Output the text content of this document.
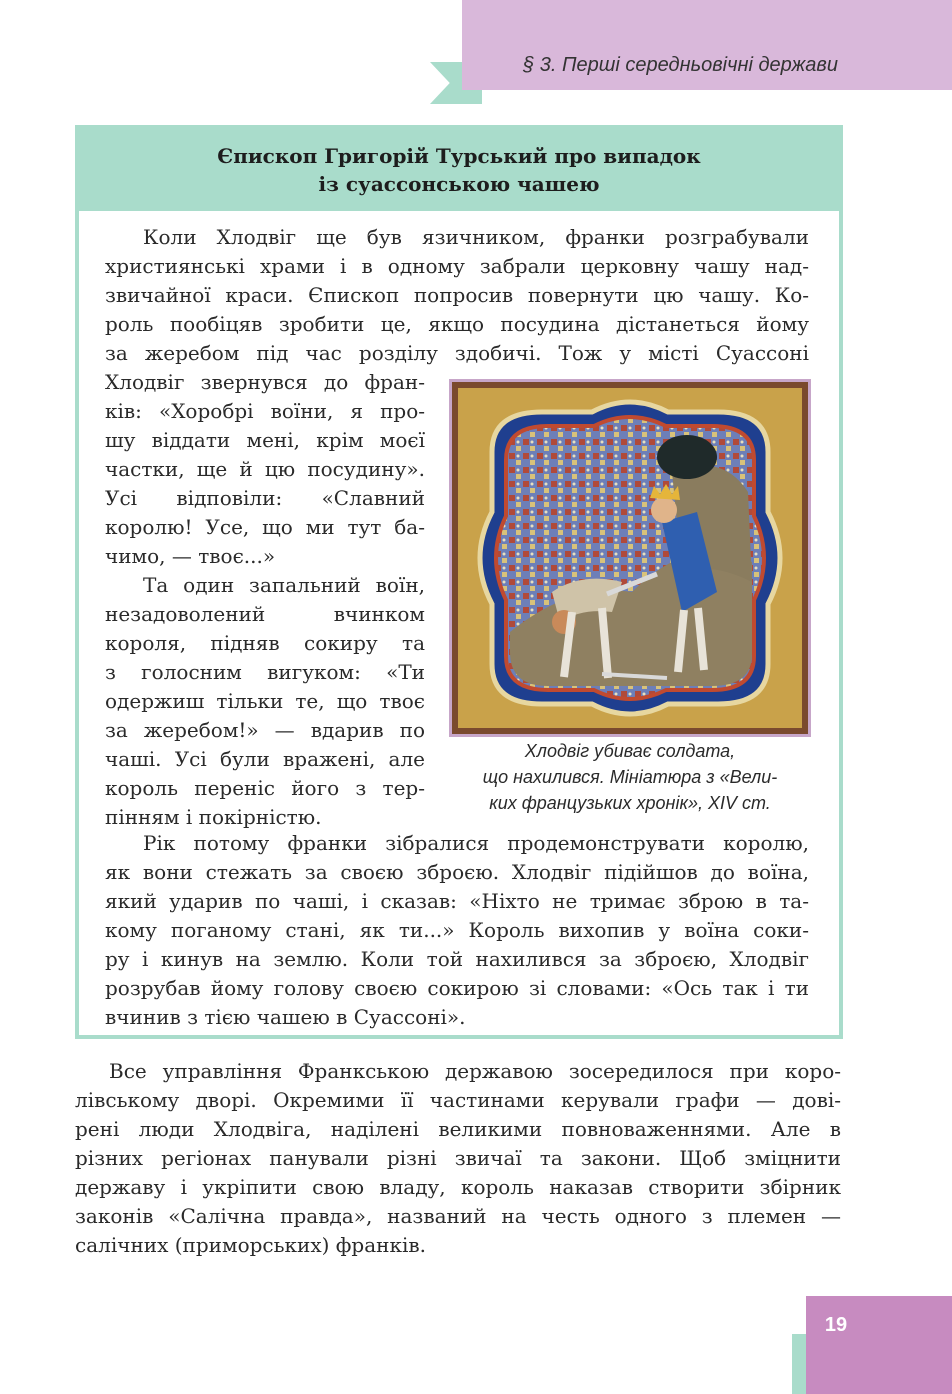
§ 3. Перші середньовічні держави
Єпископ Григорій Турський про випадок
із суассонською чашею
Коли Хлодвіг ще був язичником, франки розграбували
християнські храми і в одному забрали церковну чашу над-
звичайної краси. Єпископ попросив повернути цю чашу. Ко-
роль пообіцяв зробити це, якщо посудина дістанеться йому
за жеребом під час розділу здобичі. Тож у місті Суассоні
Хлодвіг звернувся до фран-
ків: «Хоробрі воїни, я про-
шу віддати мені, крім моєї
частки, ще й цю посудину».
Усі відповіли: «Славний
королю! Усе, що ми тут ба-
чимо, — твоє...»
Та один запальний воїн,
незадоволений вчинком
короля, підняв сокиру та
з голосним вигуком: «Ти
одержиш тільки те, що твоє
за жеребом!» — вдарив по
чаші. Усі були вражені, але
король переніс його з тер-
пінням і покірністю.
Хлодвіг убиває солдата,
що нахилився. Мініатюра з «Вели-
ких французьких хронік», XIV ст.
Рік потому франки зібралися продемонструвати королю,
як вони стежать за своєю зброєю. Хлодвіг підійшов до воїна,
який ударив по чаші, і сказав: «Ніхто не тримає зброю в та-
кому поганому стані, як ти...» Король вихопив у воїна соки-
ру і кинув на землю. Коли той нахилився за зброєю, Хлодвіг
розрубав йому голову своєю сокирою зі словами: «Ось так і ти
вчинив з тією чашею в Суассоні».
Все управління Франкською державою зосередилося при коро-
лівському дворі. Окремими її частинами керували графи — дові-
рені люди Хлодвіга, наділені великими повноваженнями. Але в
різних регіонах панували різні звичаї та закони. Щоб зміцнити
державу і укріпити свою владу, король наказав створити збірник
законів «Салічна правда», названий на честь одного з племен —
салічних (приморських) франків.
19
